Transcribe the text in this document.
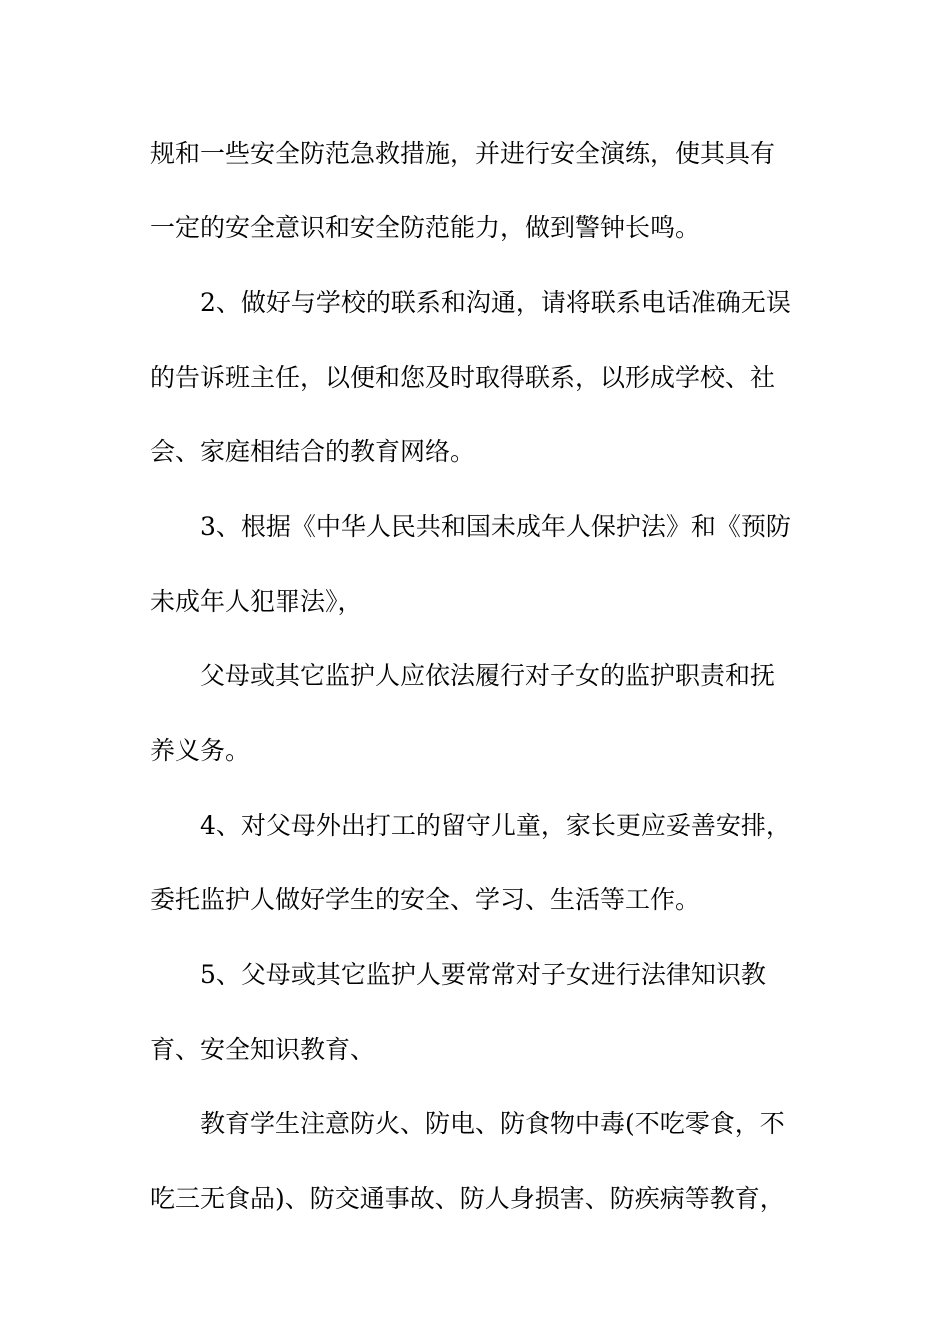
规和一些安全防范急救措施，并进行安全演练，使其具有
一定的安全意识和安全防范能力，做到警钟长鸣。
2、做好与学校的联系和沟通，请将联系电话准确无误
的告诉班主任，以便和您及时取得联系，以形成学校、社
会、家庭相结合的教育网络。
3、根据《中华人民共和国未成年人保护法》和《预防
未成年人犯罪法》，
父母或其它监护人应依法履行对子女的监护职责和抚
养义务。
4、对父母外出打工的留守儿童，家长更应妥善安排，
委托监护人做好学生的安全、学习、生活等工作。
5、父母或其它监护人要常常对子女进行法律知识教
育、安全知识教育、
教育学生注意防火、防电、防食物中毒(不吃零食，不
吃三无食品)、防交通事故、防人身损害、防疾病等教育，
